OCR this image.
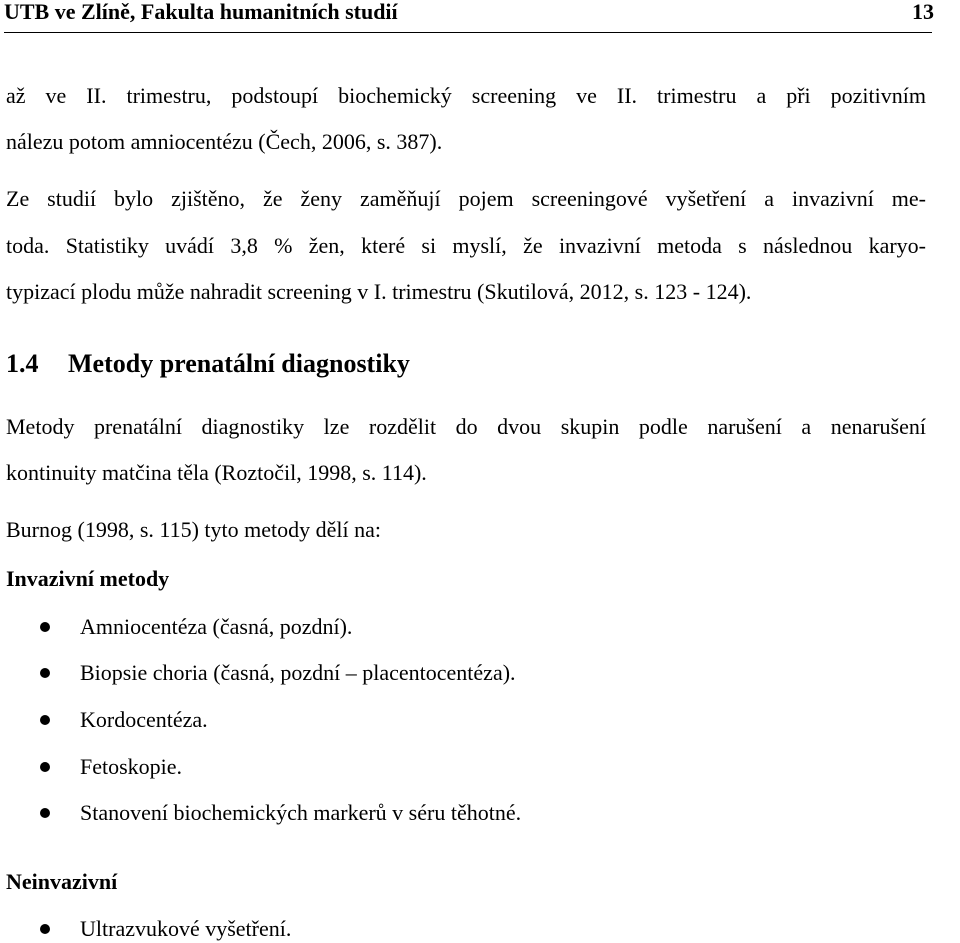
UTB ve Zlíně, Fakulta humanitních studií	13
až ve II. trimestru, podstoupí biochemický screening ve II. trimestru a při pozitivním
nálezu potom amniocentézu (Čech, 2006, s. 387).
Ze studií bylo zjištěno, že ženy zaměňují pojem screeningové vyšetření a invazivní me-
toda. Statistiky uvádí 3,8 % žen, které si myslí, že invazivní metoda s následnou karyo-
typizací plodu může nahradit screening v I. trimestru (Skutilová, 2012, s. 123 - 124).
1.4 Metody prenatální diagnostiky
Metody prenatální diagnostiky lze rozdělit do dvou skupin podle narušení a nenarušení
kontinuity matčina těla (Roztočil, 1998, s. 114).
Burnog (1998, s. 115) tyto metody dělí na:
Invazivní metody
Amniocentéza (časná, pozdní).
Biopsie choria (časná, pozdní – placentocentéza).
Kordocentéza.
Fetoskopie.
Stanovení biochemických markerů v séru těhotné.
Neinvazivní
Ultrazvukové vyšetření.
